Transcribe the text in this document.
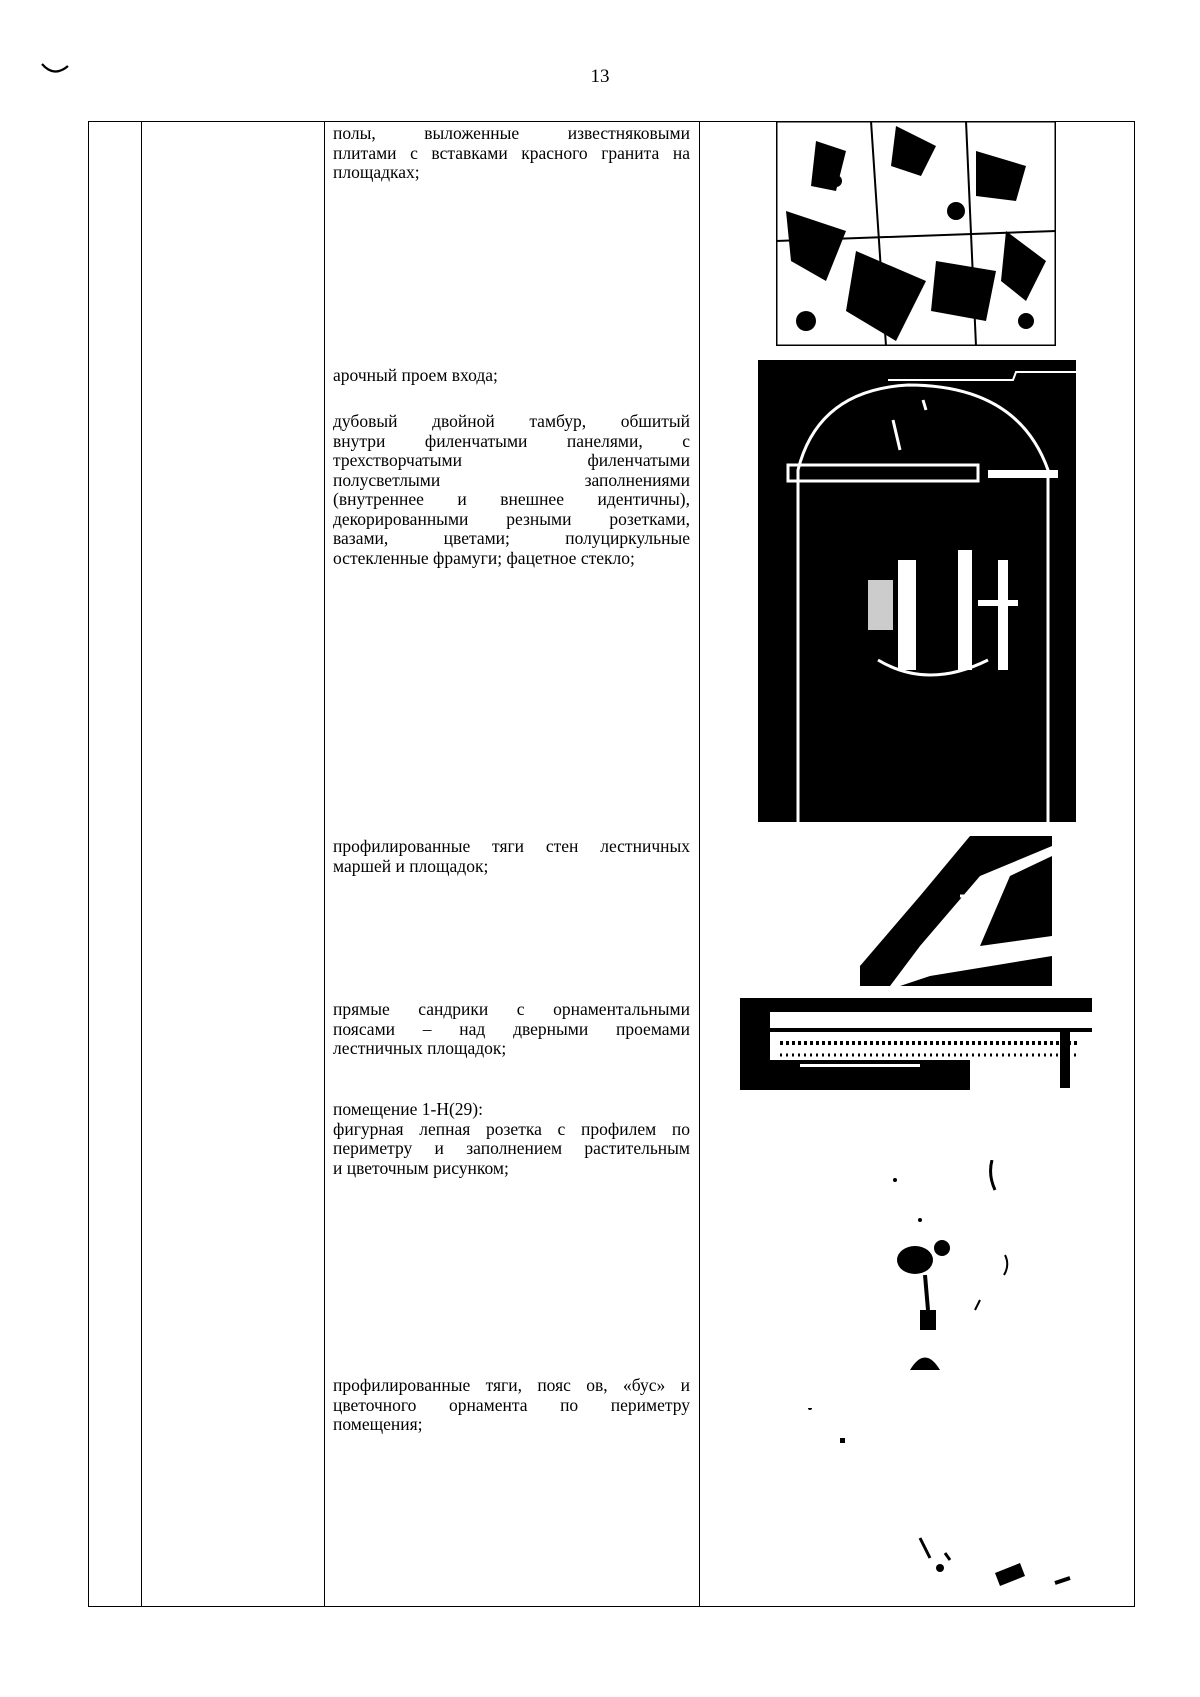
13
полы, выложенные известняковыми
плитами с вставками красного гранита на
площадках;
арочный проем входа;
дубовый двойной тамбур, обшитый
внутри филенчатыми панелями, с
трехстворчатыми филенчатыми
полусветлыми заполнениями
(внутреннее и внешнее идентичны),
декорированными резными розетками,
вазами, цветами; полуциркульные
остекленные фрамуги; фацетное стекло;
профилированные тяги стен лестничных
маршей и площадок;
прямые сандрики с орнаментальными
поясами – над дверными проемами
лестничных площадок;
помещение 1-Н(29):
фигурная лепная розетка с профилем по
периметру и заполнением растительным
и цветочным рисунком;
профилированные тяги, пояс ов, «бус» и
цветочного орнамента по периметру
помещения;
